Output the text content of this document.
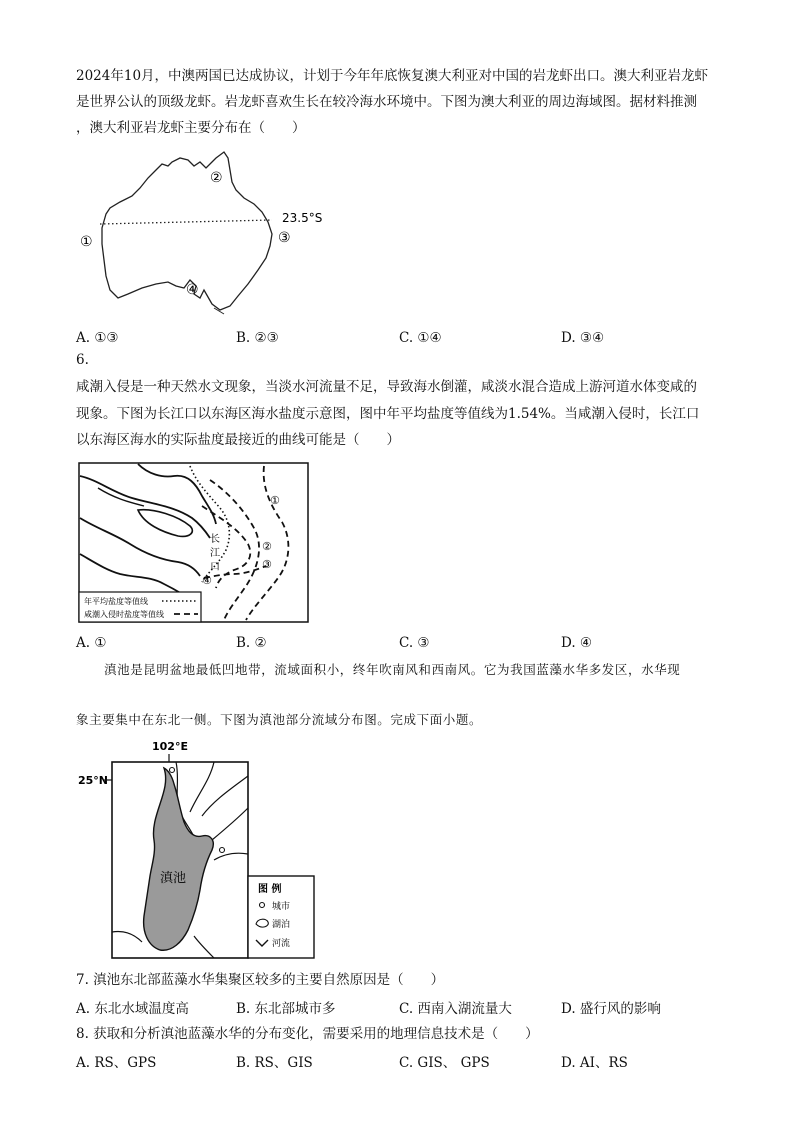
2024年10月，中澳两国已达成协议，计划于今年年底恢复澳大利亚对中国的岩龙虾出口。澳大利亚岩龙虾
是世界公认的顶级龙虾。岩龙虾喜欢生长在较冷海水环境中。下图为澳大利亚的周边海域图。据材料推测
，澳大利亚岩龙虾主要分布在（　　）
23.5°S
①
②
③
④
A. ①③	B. ②③	C. ①④	D. ③④
6.
咸潮入侵是一种天然水文现象，当淡水河流量不足，导致海水倒灌，咸淡水混合造成上游河道水体变咸的
现象。下图为长江口以东海区海水盐度示意图，图中年平均盐度等值线为1.54%。当咸潮入侵时，长江口
以东海区海水的实际盐度最接近的曲线可能是（　　）
①
②
③
④
长
江
口
年平均盐度等值线
咸潮入侵时盐度等值线
A. ①	B. ②	C. ③	D. ④
滇池是昆明盆地最低凹地带，流域面积小，终年吹南风和西南风。它为我国蓝藻水华多发区，水华现
象主要集中在东北一侧。下图为滇池部分流域分布图。完成下面小题。
102°E
25°N
滇池
图 例
城市
湖泊
河流
7. 滇池东北部蓝藻水华集聚区较多的主要自然原因是（　　）
A. 东北水域温度高	B. 东北部城市多	C. 西南入湖流量大	D. 盛行风的影响
8. 获取和分析滇池蓝藻水华的分布变化，需要采用的地理信息技术是（　　）
A. RS、GPS	B. RS、GIS	C. GIS、 GPS	D. AI、RS
